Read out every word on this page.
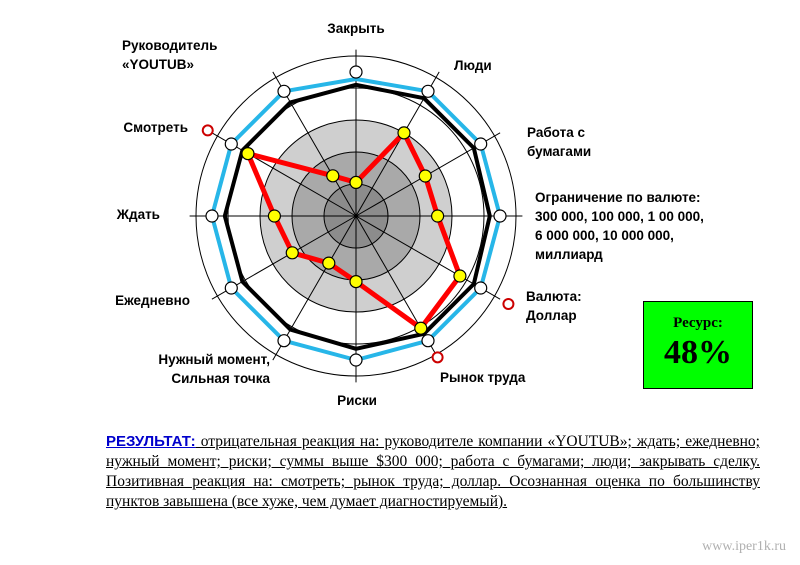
Закрыть
Люди
Работа с бумагами
Ограничение по валюте: 300 000, 100 000, 1 00 000, 6 000 000, 10 000 000, миллиард
Валюта: Доллар
Рынок труда
Риски
Нужный момент, Сильная точка
Ежедневно
Ждать
Смотреть
Руководитель «YOUTUB»
Ресурс:
48%
РЕЗУЛЬТАТ: отрицательная реакция на: руководителе компании «YOUTUB»; ждать; ежедневно; нужный момент; риски; суммы выше $300 000; работа с бумагами; люди; закрывать сделку. Позитивная реакция на: смотреть; рынок труда; доллар. Осознанная оценка по большинству пунктов завышена (все хуже, чем думает диагностируемый).
www.iper1k.ru
